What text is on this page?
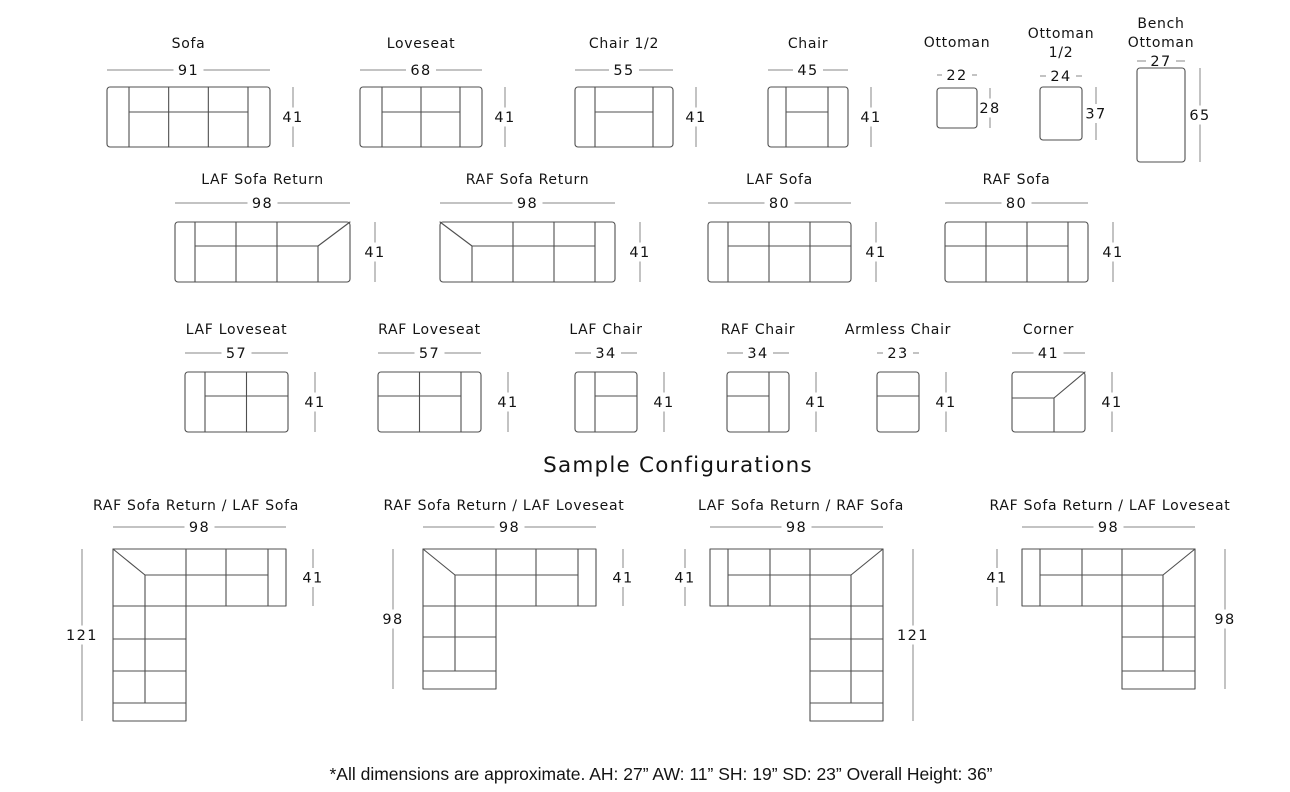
Sofa
91
41
Loveseat
68
41
Chair 1/2
55
41
Chair
45
41
Ottoman
22
28
Ottoman
1/2
24
37
Bench
Ottoman
27
65
LAF Sofa Return
98
41
RAF Sofa Return
98
41
LAF Sofa
80
41
RAF Sofa
80
41
LAF Loveseat
57
41
RAF Loveseat
57
41
LAF Chair
34
41
RAF Chair
34
41
Armless Chair
23
41
Corner
41
41
RAF Sofa Return / LAF Sofa
98
121
41
RAF Sofa Return / LAF Loveseat
98
98
41
LAF Sofa Return / RAF Sofa
98
41
121
RAF Sofa Return / LAF Loveseat
98
41
98
Sample Configurations
*All dimensions are approximate. AH: 27” AW: 11” SH: 19” SD: 23” Overall Height: 36”
